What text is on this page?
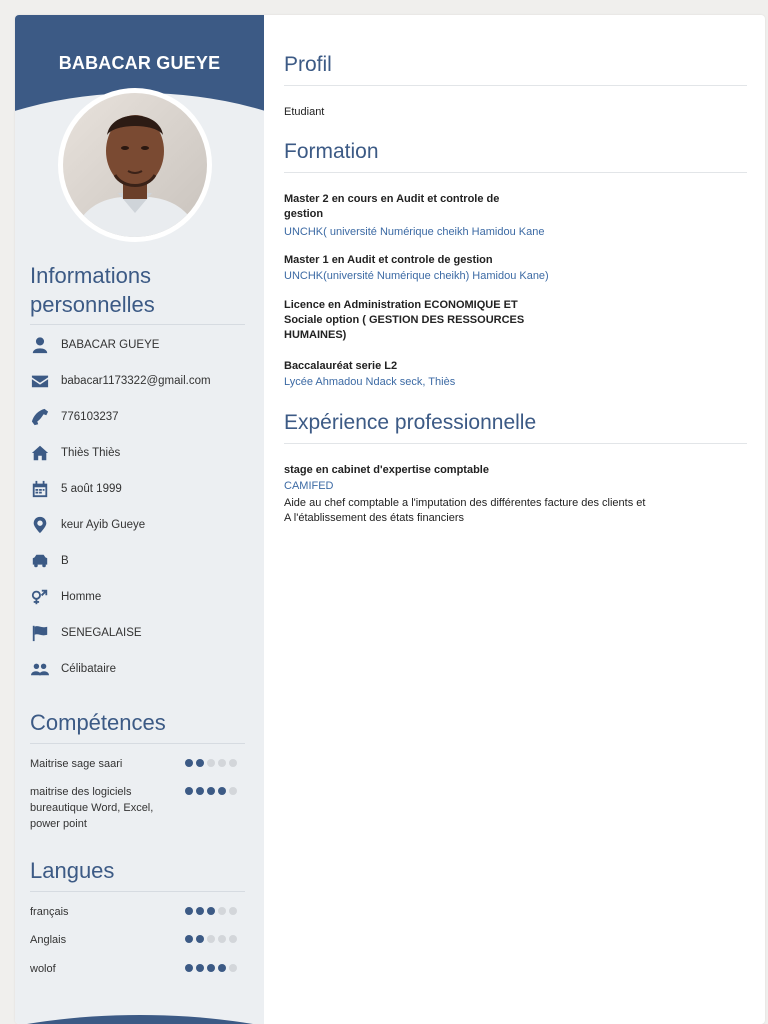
BABACAR GUEYE
Informations
personnelles
BABACAR GUEYE
babacar1173322@gmail.com
776103237
Thiès Thiès
5 août 1999
keur Ayib Gueye
B
Homme
SENEGALAISE
Célibataire
Compétences
Maitrise sage saari
maitrise des logiciels
bureautique Word, Excel,
power point
Langues
français
Anglais
wolof
Profil
Etudiant
Formation
Master 2 en cours en Audit et controle de
gestion
UNCHK( université Numérique cheikh Hamidou Kane
Master 1 en Audit et controle de gestion
UNCHK(université Numérique cheikh) Hamidou Kane)
Licence en Administration ECONOMIQUE ET
Sociale option ( GESTION DES RESSOURCES
HUMAINES)
Baccalauréat serie L2
Lycée Ahmadou Ndack seck, Thiès
Expérience professionnelle
stage en cabinet d'expertise comptable
CAMIFED
Aide au chef comptable a l'imputation des différentes facture des clients et
A l'établissement des états financiers
